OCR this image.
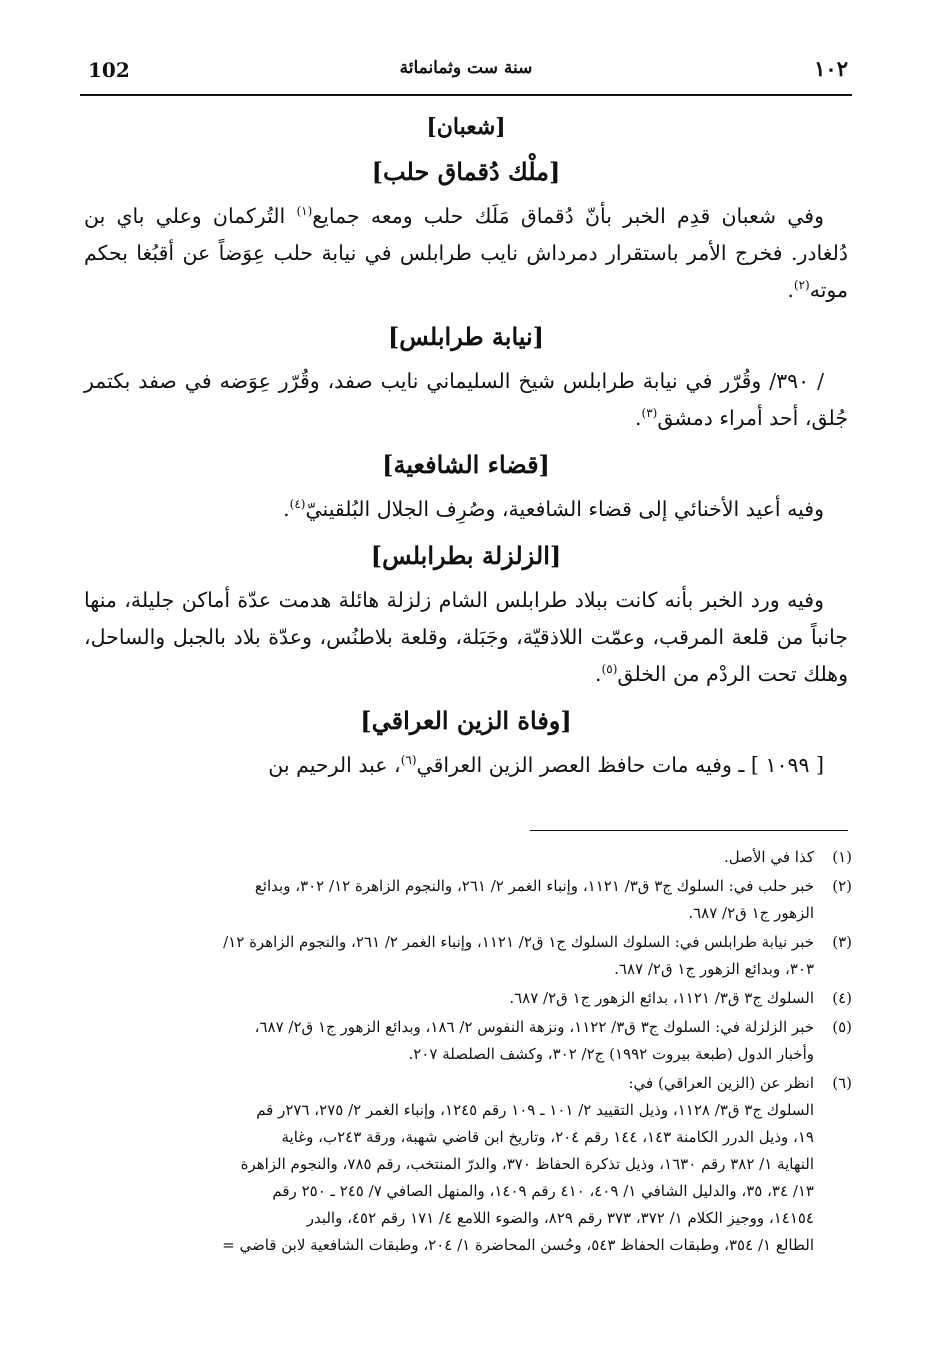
102	سنة ست وثمانمائة	١٠٢
[شعبان]
[ملْك دُقماق حلب]
وفي شعبان قدِم الخبر بأنّ دُقماق مَلَك حلب ومعه جمايع$^{(١)}$ التُركمان وعلي باي بن دُلغادر. فخرج الأمر باستقرار دمرداش نايب طرابلس في نيابة حلب عِوَضاً عن أقبُغا بحكم موته$^{(٢)}$.
[نيابة طرابلس]
/ ٣٩٠/ وقُرّر في نيابة طرابلس شيخ السليماني نايب صفد، وقُرّر عِوَضه في صفد بكتمر جُلق، أحد أمراء دمشق$^{(٣)}$.
[قضاء الشافعية]
وفيه أعيد الأخنائي إلى قضاء الشافعية، وصُرِف الجلال البُلقينيّ$^{(٤)}$.
[الزلزلة بطرابلس]
وفيه ورد الخبر بأنه كانت ببلاد طرابلس الشام زلزلة هائلة هدمت عدّة أماكن جليلة، منها جانباً من قلعة المرقب، وعمّت اللاذقيّة، وجَبَلة، وقلعة بلاطنُس، وعدّة بلاد بالجبل والساحل، وهلك تحت الردْم من الخلق$^{(٥)}$.
[وفاة الزين العراقي]
[ ١٠٩٩ ] ـ وفيه مات حافظ العصر الزين العراقي$^{(٦)}$، عبد الرحيم بن
(١)
كذا في الأصل.
(٢)
خبر حلب في: السلوك ج٣ ق٣/ ١١٢١، وإنباء الغمر ٢/ ٢٦١، والنجوم الزاهرة ١٢/ ٣٠٢، وبدائع
الزهور ج١ ق٢/ ٦٨٧.
(٣)
خبر نيابة طرابلس في: السلوك السلوك ج١ ق٢/ ١١٢١، وإنباء الغمر ٢/ ٢٦١، والنجوم الزاهرة ١٢/
٣٠٣، وبدائع الزهور ج١ ق٢/ ٦٨٧.
(٤)
السلوك ج٣ ق٣/ ١١٢١، بدائع الزهور ج١ ق٢/ ٦٨٧.
(٥)
خبر الزلزلة في: السلوك ج٣ ق٣/ ١١٢٢، ونزهة النفوس ٢/ ١٨٦، وبدائع الزهور ج١ ق٢/ ٦٨٧،
وأخبار الدول (طبعة بيروت ١٩٩٢) ج٢/ ٣٠٢، وكشف الصلصلة ٢٠٧.
(٦)
انظر عن (الزين العراقي) في:
السلوك ج٣ ق٣/ ١١٢٨، وذيل التقييد ٢/ ١٠١ ـ ١٠٩ رقم ١٢٤٥، وإنباء الغمر ٢/ ٢٧٥، ٢٧٦ر قم
١٩، وذيل الدرر الكامنة ١٤٣، ١٤٤ رقم ٢٠٤، وتاريخ ابن قاضي شهبة، ورقة ٢٤٣ب، وغاية
النهاية ١/ ٣٨٢ رقم ١٦٣٠، وذيل تذكرة الحفاظ ٣٧٠، والدرّ المنتخب، رقم ٧٨٥، والنجوم الزاهرة
١٣/ ٣٤، ٣٥، والدليل الشافي ١/ ٤٠٩، ٤١٠ رقم ١٤٠٩، والمنهل الصافي ٧/ ٢٤٥ ـ ٢٥٠ رقم
١٤١٥٤، ووجيز الكلام ١/ ٣٧٢، ٣٧٣ رقم ٨٢٩، والضوء اللامع ٤/ ١٧١ رقم ٤٥٢، والبدر
الطالع ١/ ٣٥٤، وطبقات الحفاظ ٥٤٣، وحُسن المحاضرة ١/ ٢٠٤، وطبقات الشافعية لابن قاضي =
